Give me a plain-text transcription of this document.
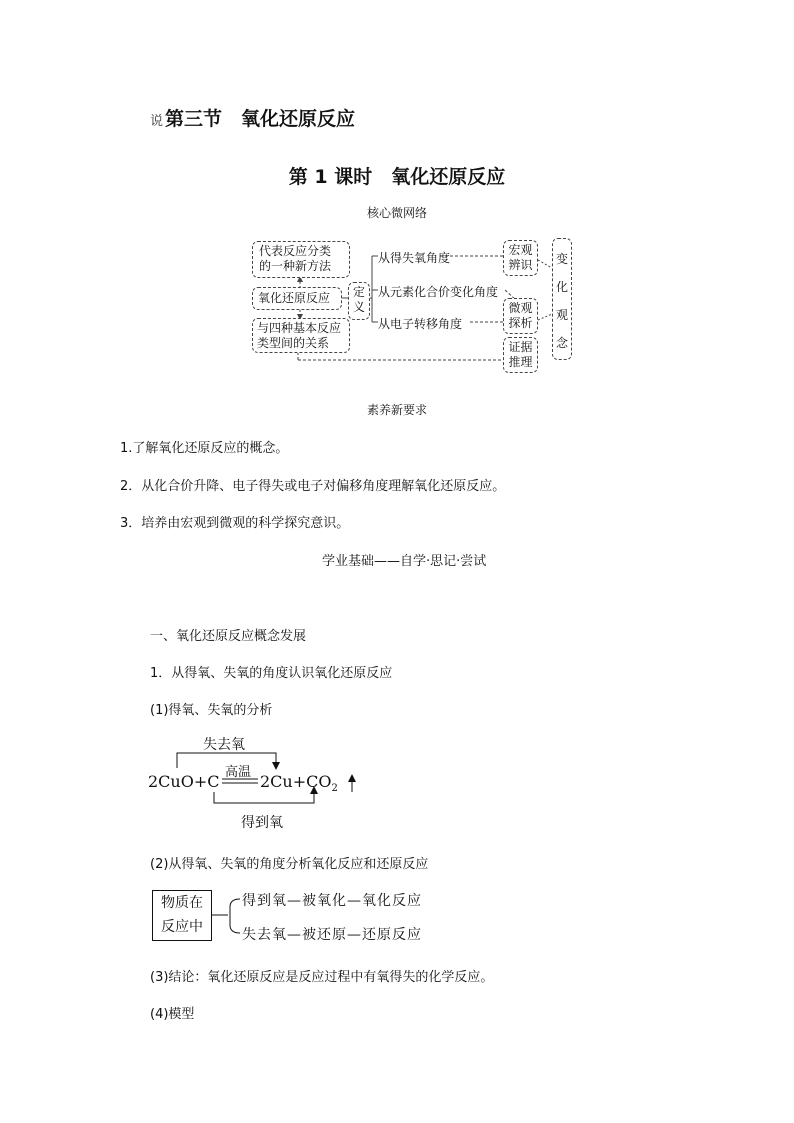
说 第三节　氧化还原反应
第 1 课时　氧化还原反应
核心微网络
代表反应分类
的一种新方法
氧化还原反应
与四种基本反应
类型间的关系
定
义
从得失氧角度
从元素化合价变化角度
从电子转移角度
宏观
辨识
微观
探析
证据
推理
变
化
观
念
素养新要求
1.了解氧化还原反应的概念。
2．从化合价升降、电子得失或电子对偏移角度理解氧化还原反应。
3．培养由宏观到微观的科学探究意识。
学业基础——自学·思记·尝试
一、氧化还原反应概念发展
1．从得氧、失氧的角度认识氧化还原反应
(1)得氧、失氧的分析
失去氧
高温
2CuO+C	$2Cu+CO_2$
得到氧
(2)从得氧、失氧的角度分析氧化反应和还原反应
物质在
反应中
得到氧—被氧化—氧化反应
失去氧—被还原—还原反应
(3)结论：氧化还原反应是反应过程中有氧得失的化学反应。
(4)模型
